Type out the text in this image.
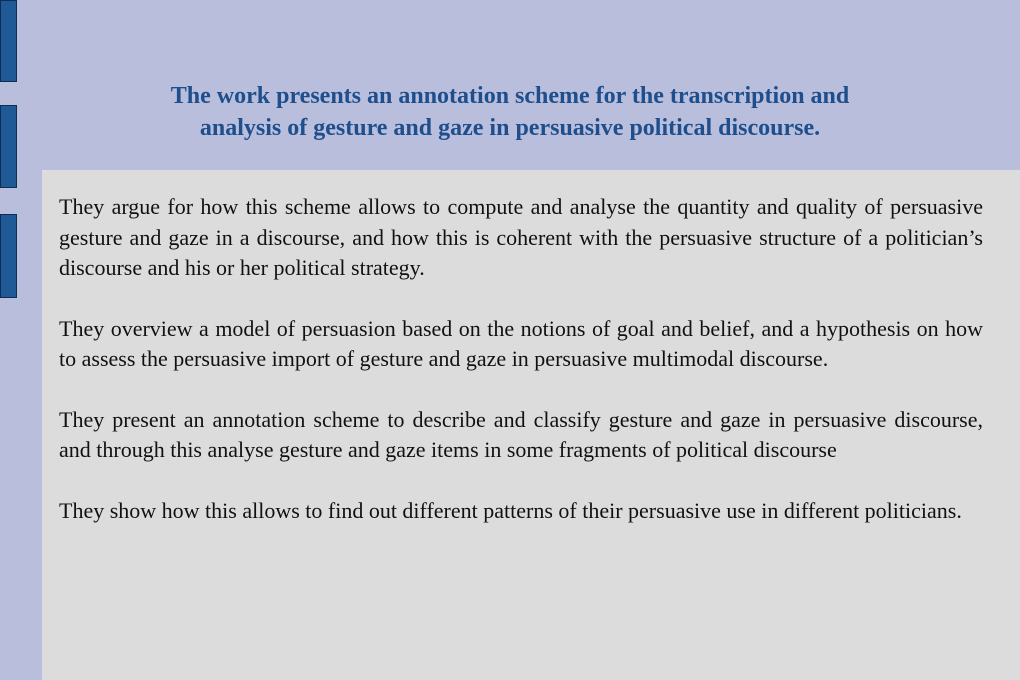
The work presents an annotation scheme for the transcription and
analysis of gesture and gaze in persuasive political discourse.

They argue for how this scheme allows to compute and analyse the quantity and quality of persuasive gesture and gaze in a discourse, and how this is coherent with the persuasive structure of a politician’s discourse and his or her political strategy.

They overview a model of persuasion based on the notions of goal and belief, and a hypothesis on how to assess the persuasive import of gesture and gaze in persuasive multimodal discourse.

They present an annotation scheme to describe and classify gesture and gaze in persuasive discourse, and through this analyse gesture and gaze items in some fragments of political discourse

They show how this allows to find out different patterns of their persuasive use in different politicians.
